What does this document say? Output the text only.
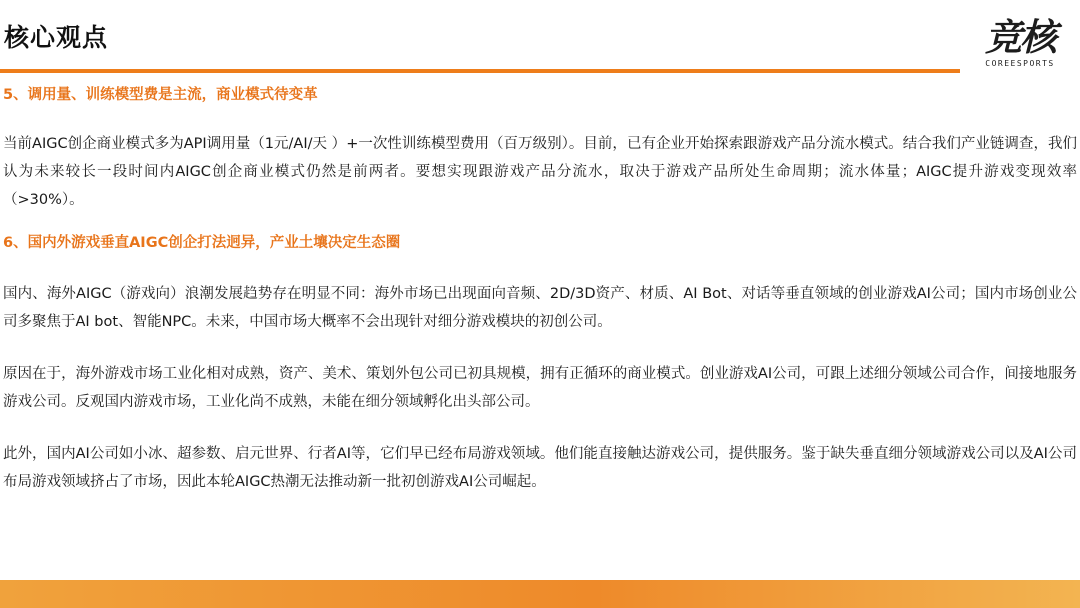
核心观点	竞核
COREESPORTS

5、调用量、训练模型费是主流，商业模式待变革

当前AIGC创企商业模式多为API调用量（1元/AI/天 ）+一次性训练模型费用（百万级别）。目前，已有企业开始探索跟游戏产品分流水模式。结合我们产业链调查，我们认为未来较长一段时间内AIGC创企商业模式仍然是前两者。要想实现跟游戏产品分流水，取决于游戏产品所处生命周期；流水体量；AIGC提升游戏变现效率（>30%）。

6、国内外游戏垂直AIGC创企打法迥异，产业土壤决定生态圈

国内、海外AIGC（游戏向）浪潮发展趋势存在明显不同：海外市场已出现面向音频、2D/3D资产、材质、AI Bot、对话等垂直领域的创业游戏AI公司；国内市场创业公司多聚焦于AI bot、智能NPC。未来，中国市场大概率不会出现针对细分游戏模块的初创公司。

原因在于，海外游戏市场工业化相对成熟，资产、美术、策划外包公司已初具规模，拥有正循环的商业模式。创业游戏AI公司，可跟上述细分领域公司合作，间接地服务游戏公司。反观国内游戏市场，工业化尚不成熟，未能在细分领域孵化出头部公司。

此外，国内AI公司如小冰、超参数、启元世界、行者AI等，它们早已经布局游戏领域。他们能直接触达游戏公司，提供服务。鉴于缺失垂直细分领域游戏公司以及AI公司布局游戏领域挤占了市场，因此本轮AIGC热潮无法推动新一批初创游戏AI公司崛起。
